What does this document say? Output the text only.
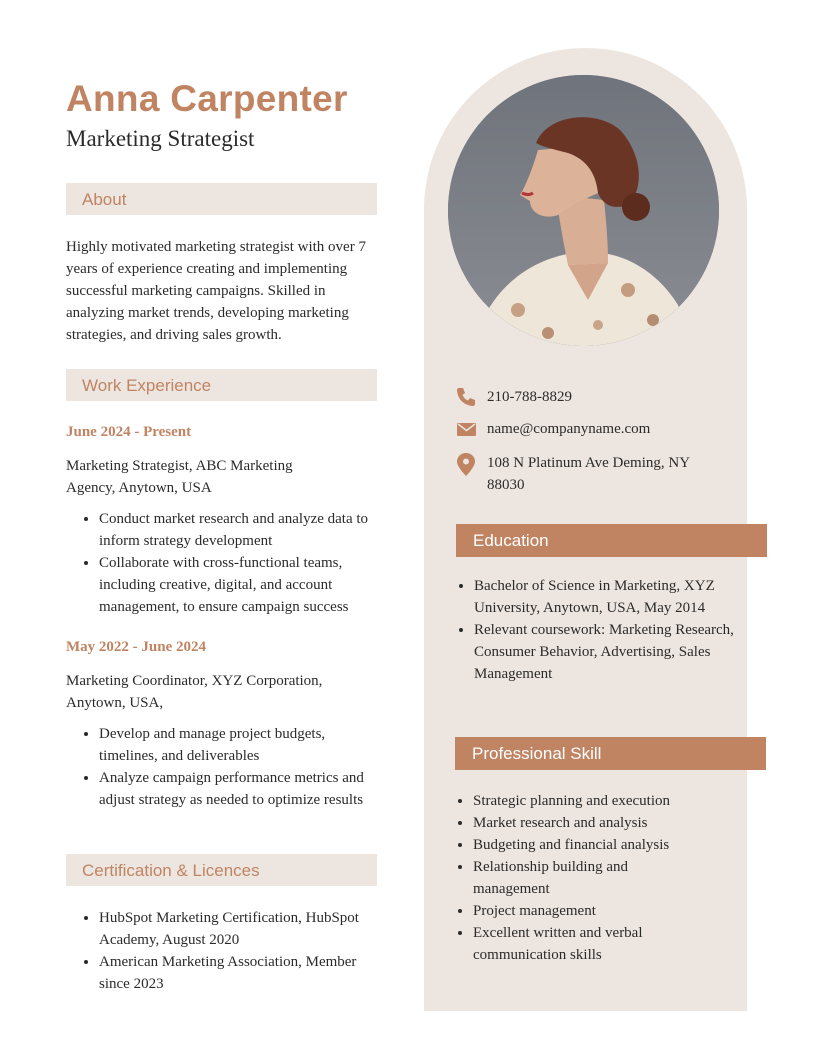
Anna Carpenter
Marketing Strategist
About

Highly motivated marketing strategist with over 7 years of experience creating and implementing successful marketing campaigns. Skilled in analyzing market trends, developing marketing strategies, and driving sales growth.

Work Experience
June 2024 - Present

Marketing Strategist, ABC Marketing Agency, Anytown, USA

• Conduct market research and analyze data to inform strategy development
• Collaborate with cross-functional teams, including creative, digital, and account management, to ensure campaign success
May 2022 - June 2024

Marketing Coordinator, XYZ Corporation, Anytown, USA,

• Develop and manage project budgets, timelines, and deliverables
• Analyze campaign performance metrics and adjust strategy as needed to optimize results
Certification & Licences
• HubSpot Marketing Certification, HubSpot Academy, August 2020
• American Marketing Association, Member since 2023
210-788-8829
name@companyname.com
108 N Platinum Ave Deming, NY 88030
Education
• Bachelor of Science in Marketing, XYZ University, Anytown, USA, May 2014
• Relevant coursework: Marketing Research, Consumer Behavior, Advertising, Sales Management
Professional Skill
• Strategic planning and execution
• Market research and analysis
• Budgeting and financial analysis
• Relationship building and management
• Project management
• Excellent written and verbal communication skills
